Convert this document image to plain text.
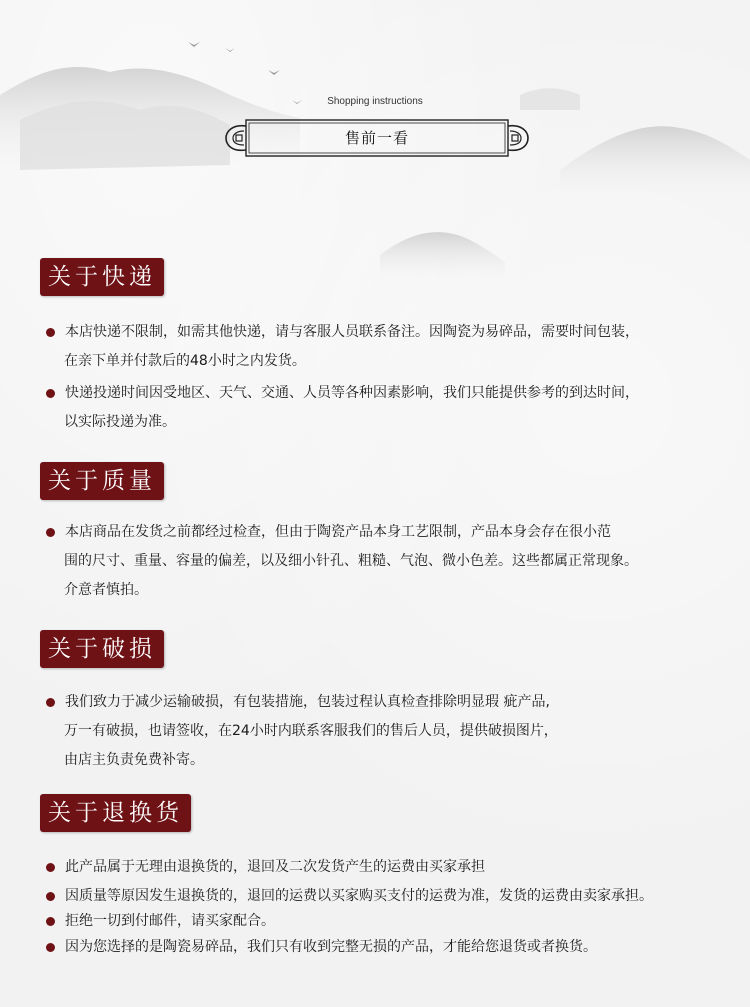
Shopping instructions
售前一看
关于快递
本店快递不限制，如需其他快递，请与客服人员联系备注。因陶瓷为易碎品，需要时间包装，
在亲下单并付款后的48小时之内发货。
快递投递时间因受地区、天气、交通、人员等各种因素影响，我们只能提供参考的到达时间，
以实际投递为准。
关于质量
本店商品在发货之前都经过检查，但由于陶瓷产品本身工艺限制，产品本身会存在很小范
围的尺寸、重量、容量的偏差，以及细小针孔、粗糙、气泡、微小色差。这些都属正常现象。
介意者慎拍。
关于破损
我们致力于减少运输破损，有包装措施，包装过程认真检查排除明显瑕 疵产品,
万一有破损，也请签收，在24小时内联系客服我们的售后人员，提供破损图片，
由店主负责免费补寄。
关于退换货
此产品属于无理由退换货的，退回及二次发货产生的运费由买家承担
因质量等原因发生退换货的，退回的运费以买家购买支付的运费为准，发货的运费由卖家承担。
拒绝一切到付邮件，请买家配合。
因为您选择的是陶瓷易碎品，我们只有收到完整无损的产品，才能给您退货或者换货。
